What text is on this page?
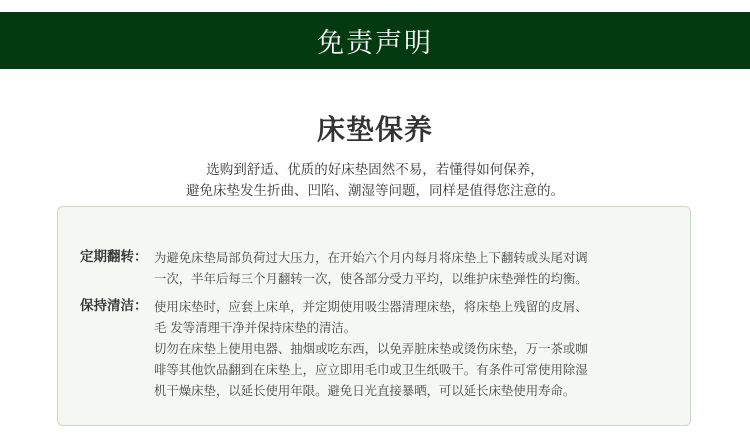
免责声明
床垫保养
选购到舒适、优质的好床垫固然不易，若懂得如何保养，
避免床垫发生折曲、凹陷、潮湿等问题，同样是值得您注意的。
定期翻转： 为避免床垫局部负荷过大压力，在开始六个月内每月将床垫上下翻转或头尾对调
一次，半年后每三个月翻转一次，使各部分受力平均，以维护床垫弹性的均衡。
保持清洁： 使用床垫时，应套上床单，并定期使用吸尘器清理床垫，将床垫上残留的皮屑、
毛 发等清理干净并保持床垫的清洁。
切勿在床垫上使用电器、抽烟或吃东西，以免弄脏床垫或烫伤床垫，万一茶或咖
啡等其他饮品翻到在床垫上，应立即用毛巾或卫生纸吸干。有条件可常使用除湿
机干燥床垫，以延长使用年限。避免日光直接暴晒，可以延长床垫使用寿命。
